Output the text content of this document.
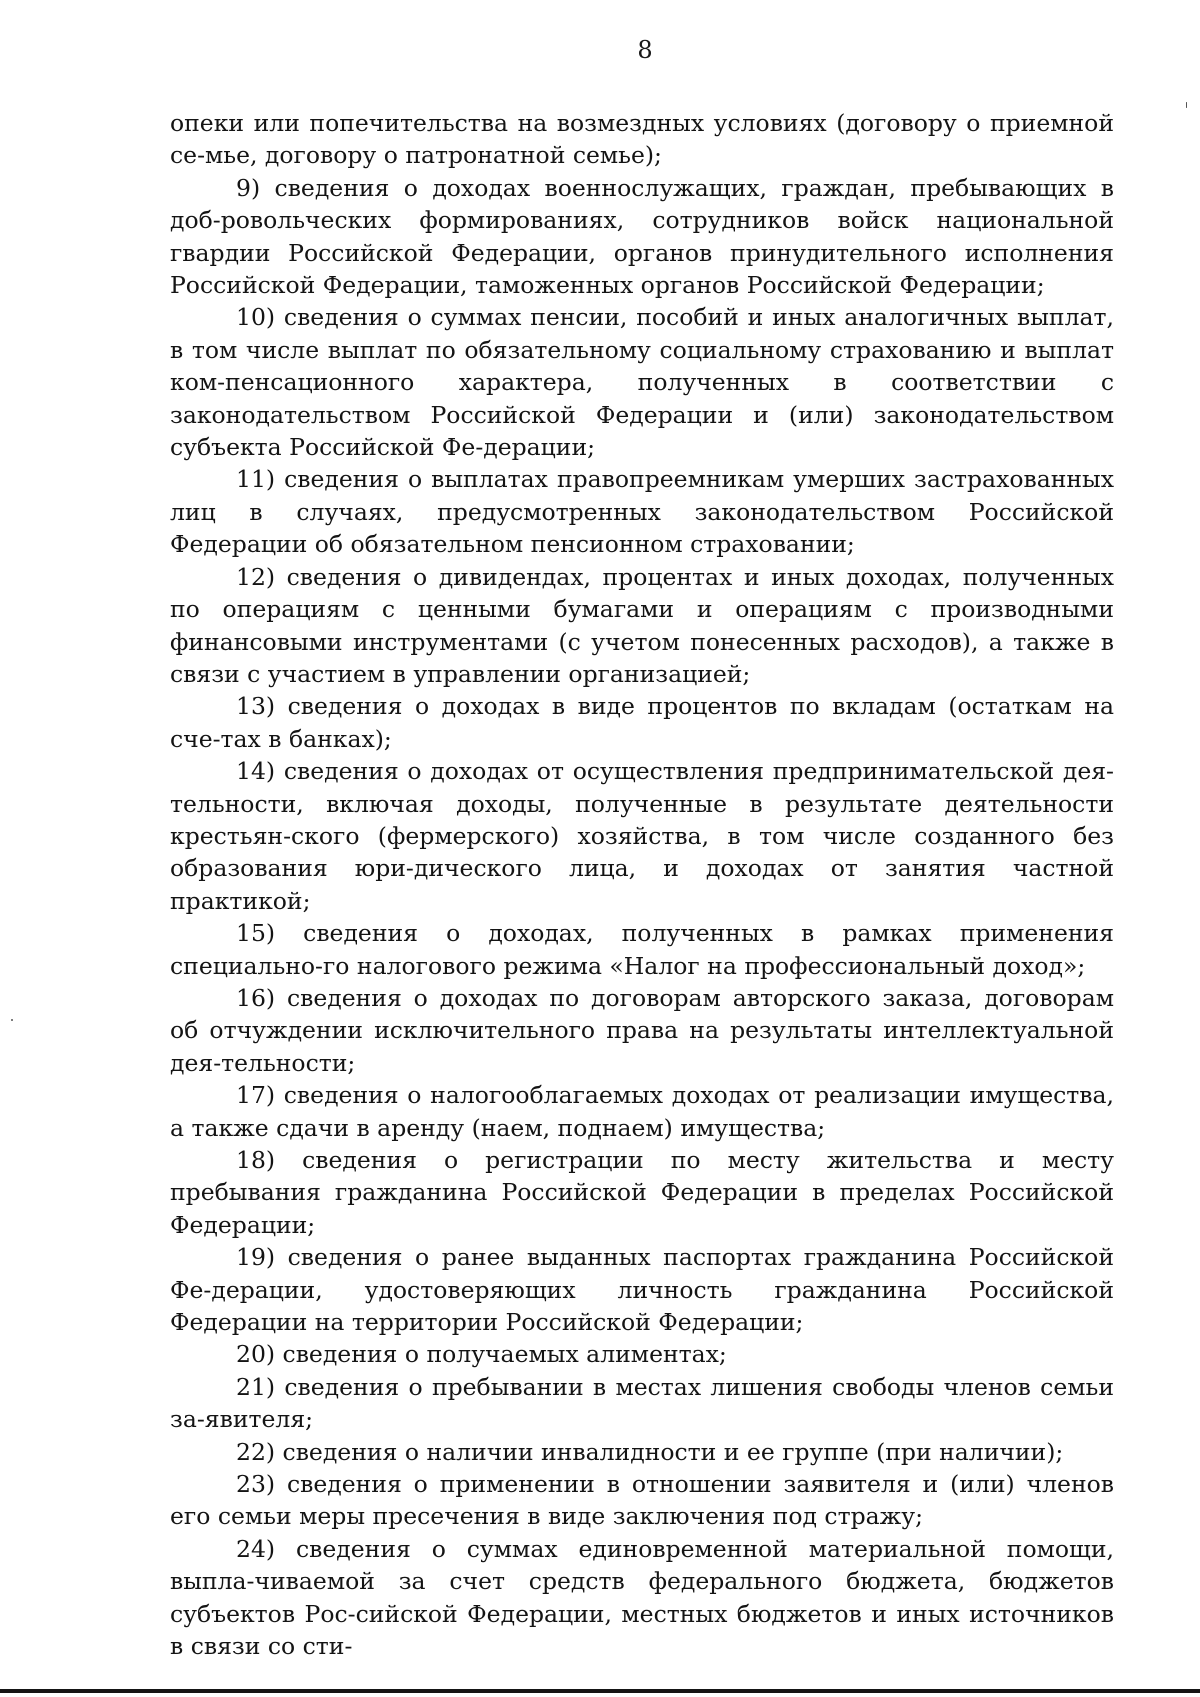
8

опеки или попечительства на возмездных условиях (договору о приемной се-мье, договору о патронатной семье);

9) сведения о доходах военнослужащих, граждан, пребывающих в доб-ровольческих формированиях, сотрудников войск национальной гвардии Российской Федерации, органов принудительного исполнения Российской Федерации, таможенных органов Российской Федерации;

10) сведения о суммах пенсии, пособий и иных аналогичных выплат, в том числе выплат по обязательному социальному страхованию и выплат ком-пенсационного характера, полученных в соответствии с законодательством Российской Федерации и (или) законодательством субъекта Российской Фе-дерации;

11) сведения о выплатах правопреемникам умерших застрахованных лиц в случаях, предусмотренных законодательством Российской Федерации об обязательном пенсионном страховании;

12) сведения о дивидендах, процентах и иных доходах, полученных по операциям с ценными бумагами и операциям с производными финансовыми инструментами (с учетом понесенных расходов), а также в связи с участием в управлении организацией;

13) сведения о доходах в виде процентов по вкладам (остаткам на сче-тах в банках);

14) сведения о доходах от осуществления предпринимательской дея-тельности, включая доходы, полученные в результате деятельности крестьян-ского (фермерского) хозяйства, в том числе созданного без образования юри-дического лица, и доходах от занятия частной практикой;

15) сведения о доходах, полученных в рамках применения специально-го налогового режима «Налог на профессиональный доход»;

16) сведения о доходах по договорам авторского заказа, договорам об отчуждении исключительного права на результаты интеллектуальной дея-тельности;

17) сведения о налогооблагаемых доходах от реализации имущества, а также сдачи в аренду (наем, поднаем) имущества;

18) сведения о регистрации по месту жительства и месту пребывания гражданина Российской Федерации в пределах Российской Федерации;

19) сведения о ранее выданных паспортах гражданина Российской Фе-дерации, удостоверяющих личность гражданина Российской Федерации на территории Российской Федерации;

20) сведения о получаемых алиментах;

21) сведения о пребывании в местах лишения свободы членов семьи за-явителя;

22) сведения о наличии инвалидности и ее группе (при наличии);

23) сведения о применении в отношении заявителя и (или) членов его семьи меры пресечения в виде заключения под стражу;

24) сведения о суммах единовременной материальной помощи, выпла-чиваемой за счет средств федерального бюджета, бюджетов субъектов Рос-сийской Федерации, местных бюджетов и иных источников в связи со сти-
